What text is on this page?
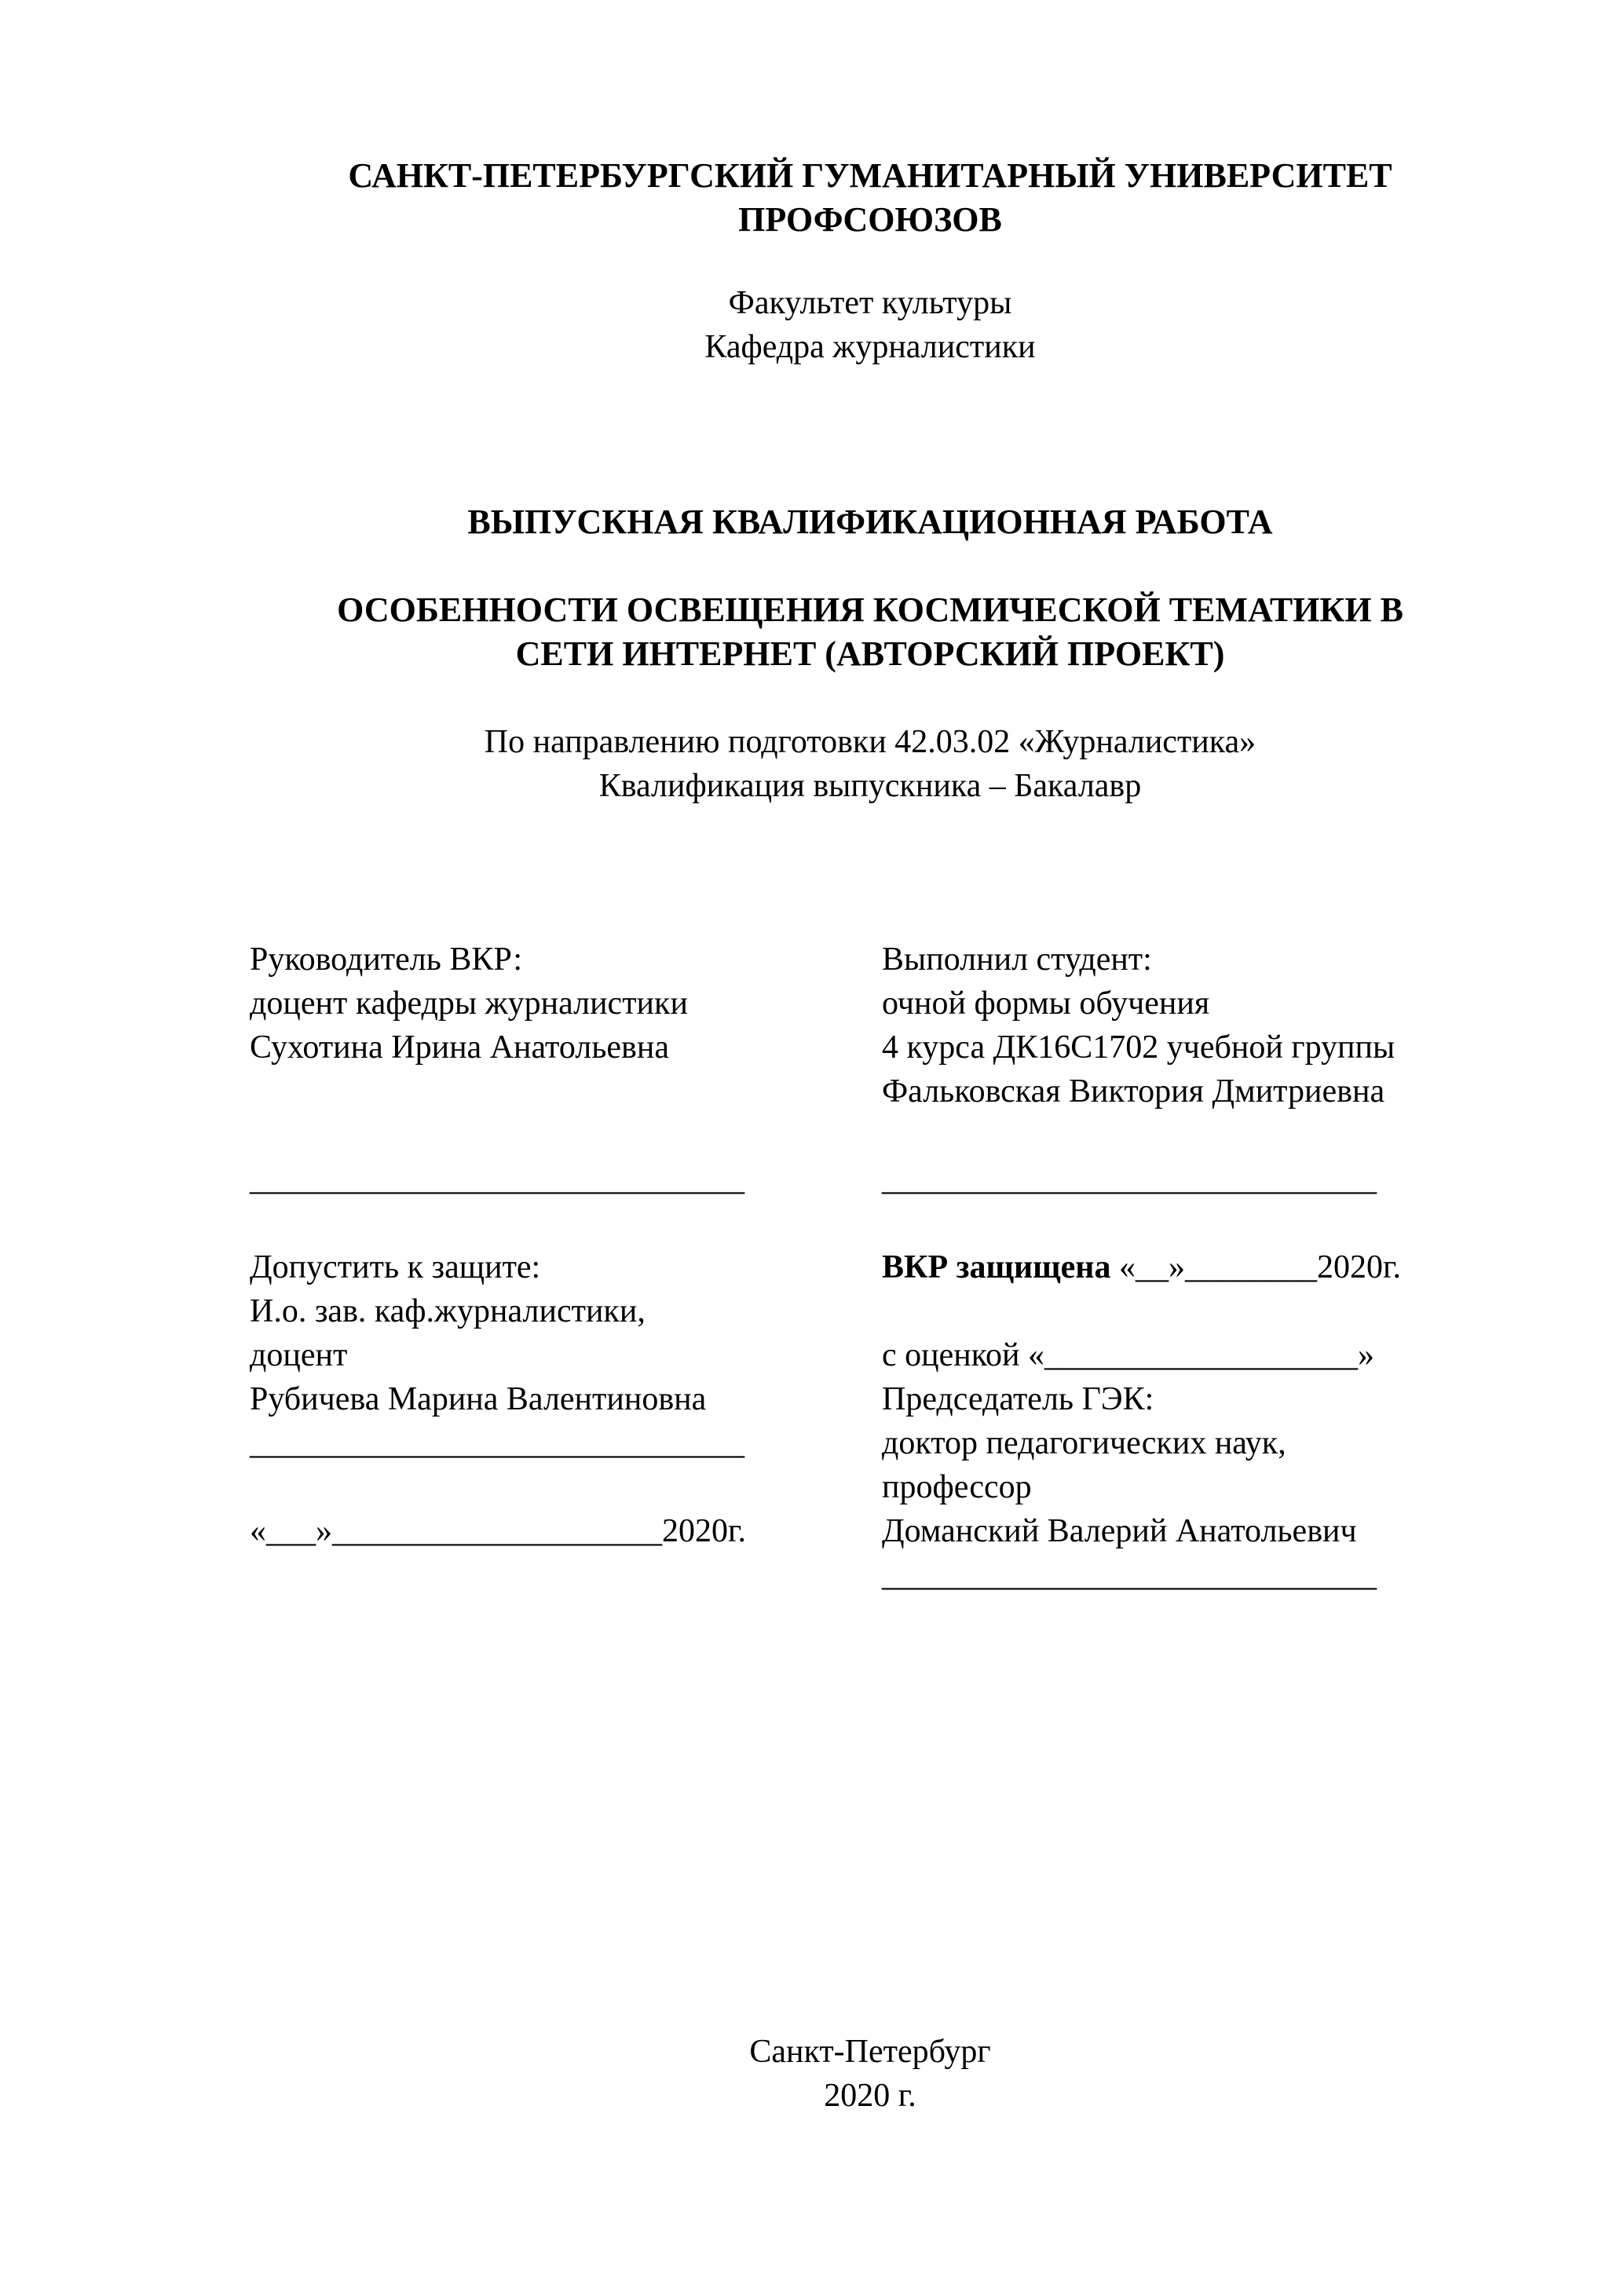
САНКТ-ПЕТЕРБУРГСКИЙ ГУМАНИТАРНЫЙ УНИВЕРСИТЕТ
ПРОФСОЮЗОВ
Факультет культуры
Кафедра журналистики
ВЫПУСКНАЯ КВАЛИФИКАЦИОННАЯ РАБОТА
ОСОБЕННОСТИ ОСВЕЩЕНИЯ КОСМИЧЕСКОЙ ТЕМАТИКИ В
СЕТИ ИНТЕРНЕТ (АВТОРСКИЙ ПРОЕКТ)
По направлению подготовки 42.03.02 «Журналистика»
Квалификация выпускника – Бакалавр
Руководитель ВКР:
доцент кафедры журналистики
Сухотина Ирина Анатольевна

______________________________

Допустить к защите:
И.о. зав. каф.журналистики,
доцент
Рубичева Марина Валентиновна
______________________________

«___»____________________2020г.
Выполнил студент:
очной формы обучения
4 курса ДК16С1702 учебной группы
Фальковская Виктория Дмитриевна

______________________________

ВКР защищена «__»________2020г.

с оценкой «___________________»
Председатель ГЭК:
доктор педагогических наук,
профессор
Доманский Валерий Анатольевич
______________________________
Санкт-Петербург
2020 г.
